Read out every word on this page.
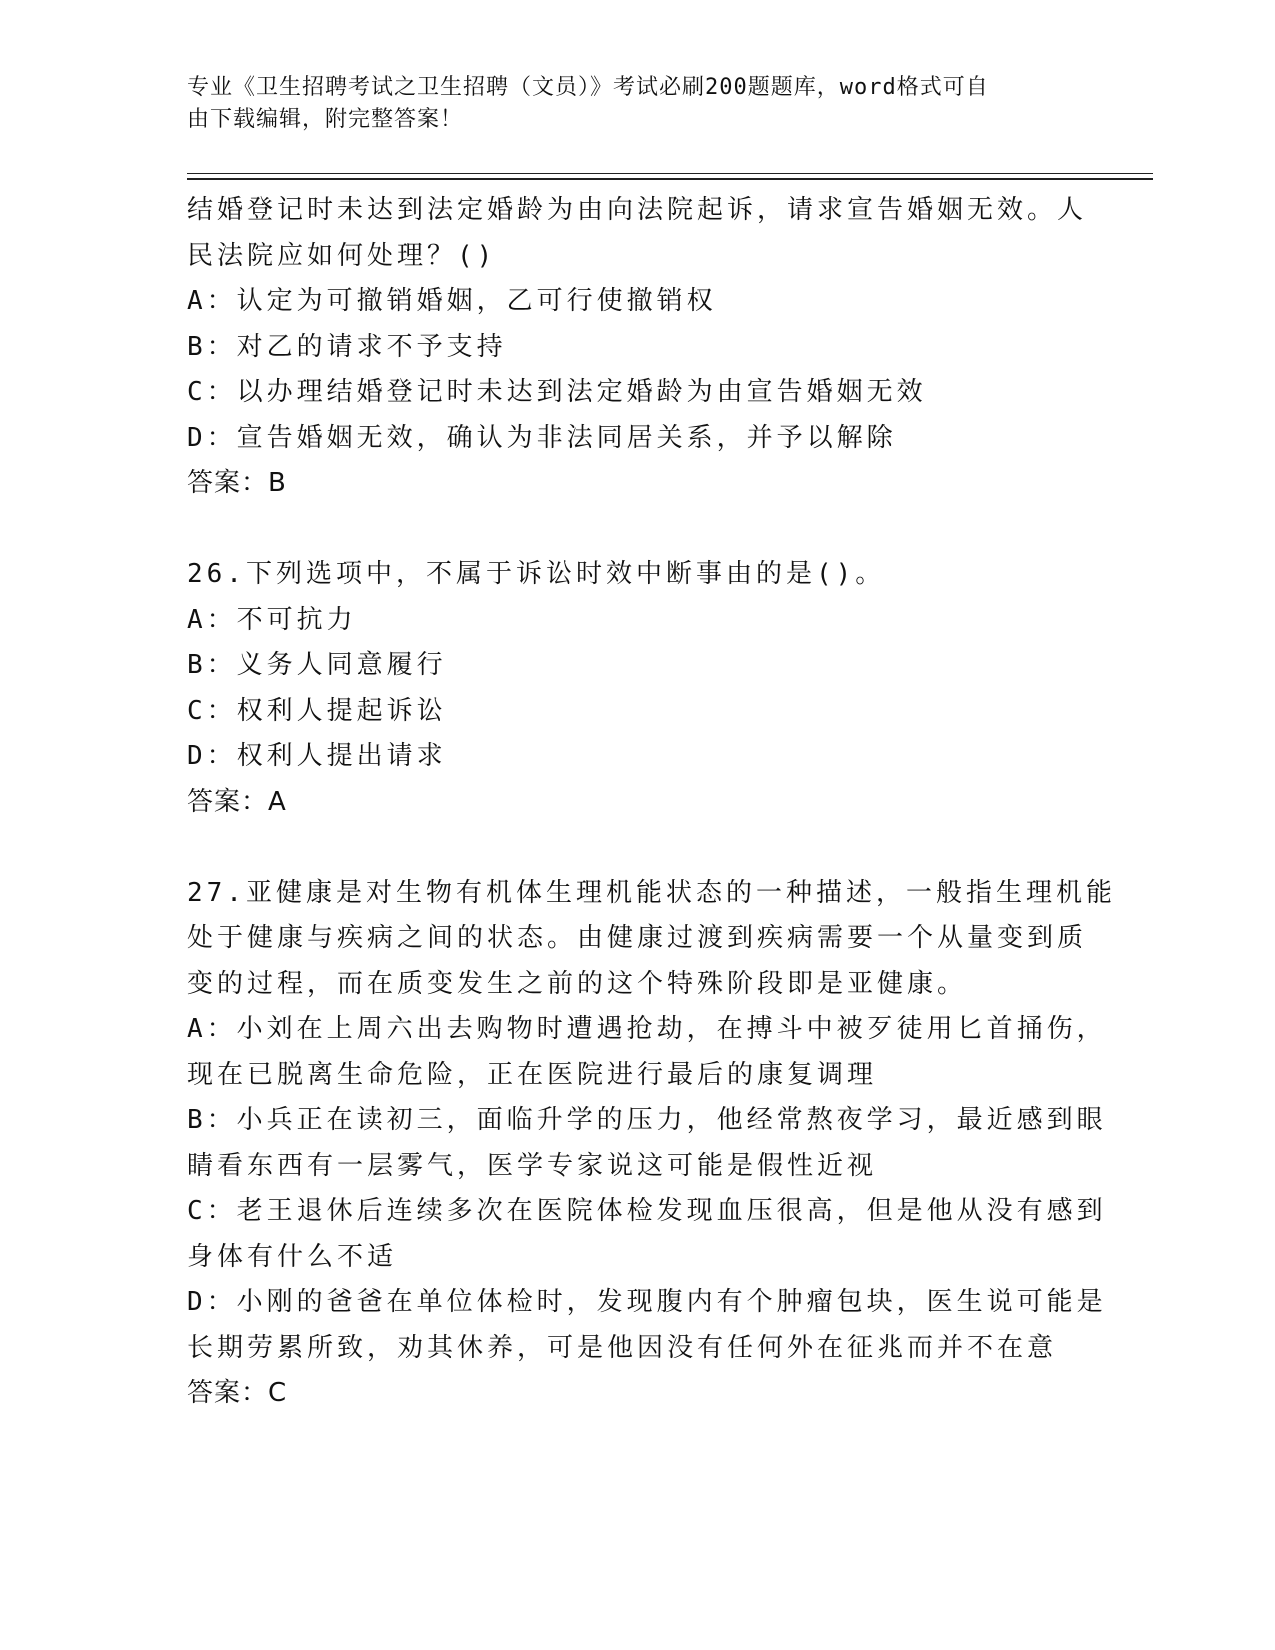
专业《卫生招聘考试之卫生招聘（文员）》考试必刷200题题库，word格式可自
由下载编辑，附完整答案！
结婚登记时未达到法定婚龄为由向法院起诉，请求宣告婚姻无效。人
民法院应如何处理？()
A：认定为可撤销婚姻，乙可行使撤销权
B：对乙的请求不予支持
C：以办理结婚登记时未达到法定婚龄为由宣告婚姻无效
D：宣告婚姻无效，确认为非法同居关系，并予以解除
答案：B
26.下列选项中，不属于诉讼时效中断事由的是()。
A：不可抗力
B：义务人同意履行
C：权利人提起诉讼
D：权利人提出请求
答案：A
27.亚健康是对生物有机体生理机能状态的一种描述，一般指生理机能
处于健康与疾病之间的状态。由健康过渡到疾病需要一个从量变到质
变的过程，而在质变发生之前的这个特殊阶段即是亚健康。
A：小刘在上周六出去购物时遭遇抢劫，在搏斗中被歹徒用匕首捅伤，
现在已脱离生命危险，正在医院进行最后的康复调理
B：小兵正在读初三，面临升学的压力，他经常熬夜学习，最近感到眼
睛看东西有一层雾气，医学专家说这可能是假性近视
C：老王退休后连续多次在医院体检发现血压很高，但是他从没有感到
身体有什么不适
D：小刚的爸爸在单位体检时，发现腹内有个肿瘤包块，医生说可能是
长期劳累所致，劝其休养，可是他因没有任何外在征兆而并不在意
答案：C
